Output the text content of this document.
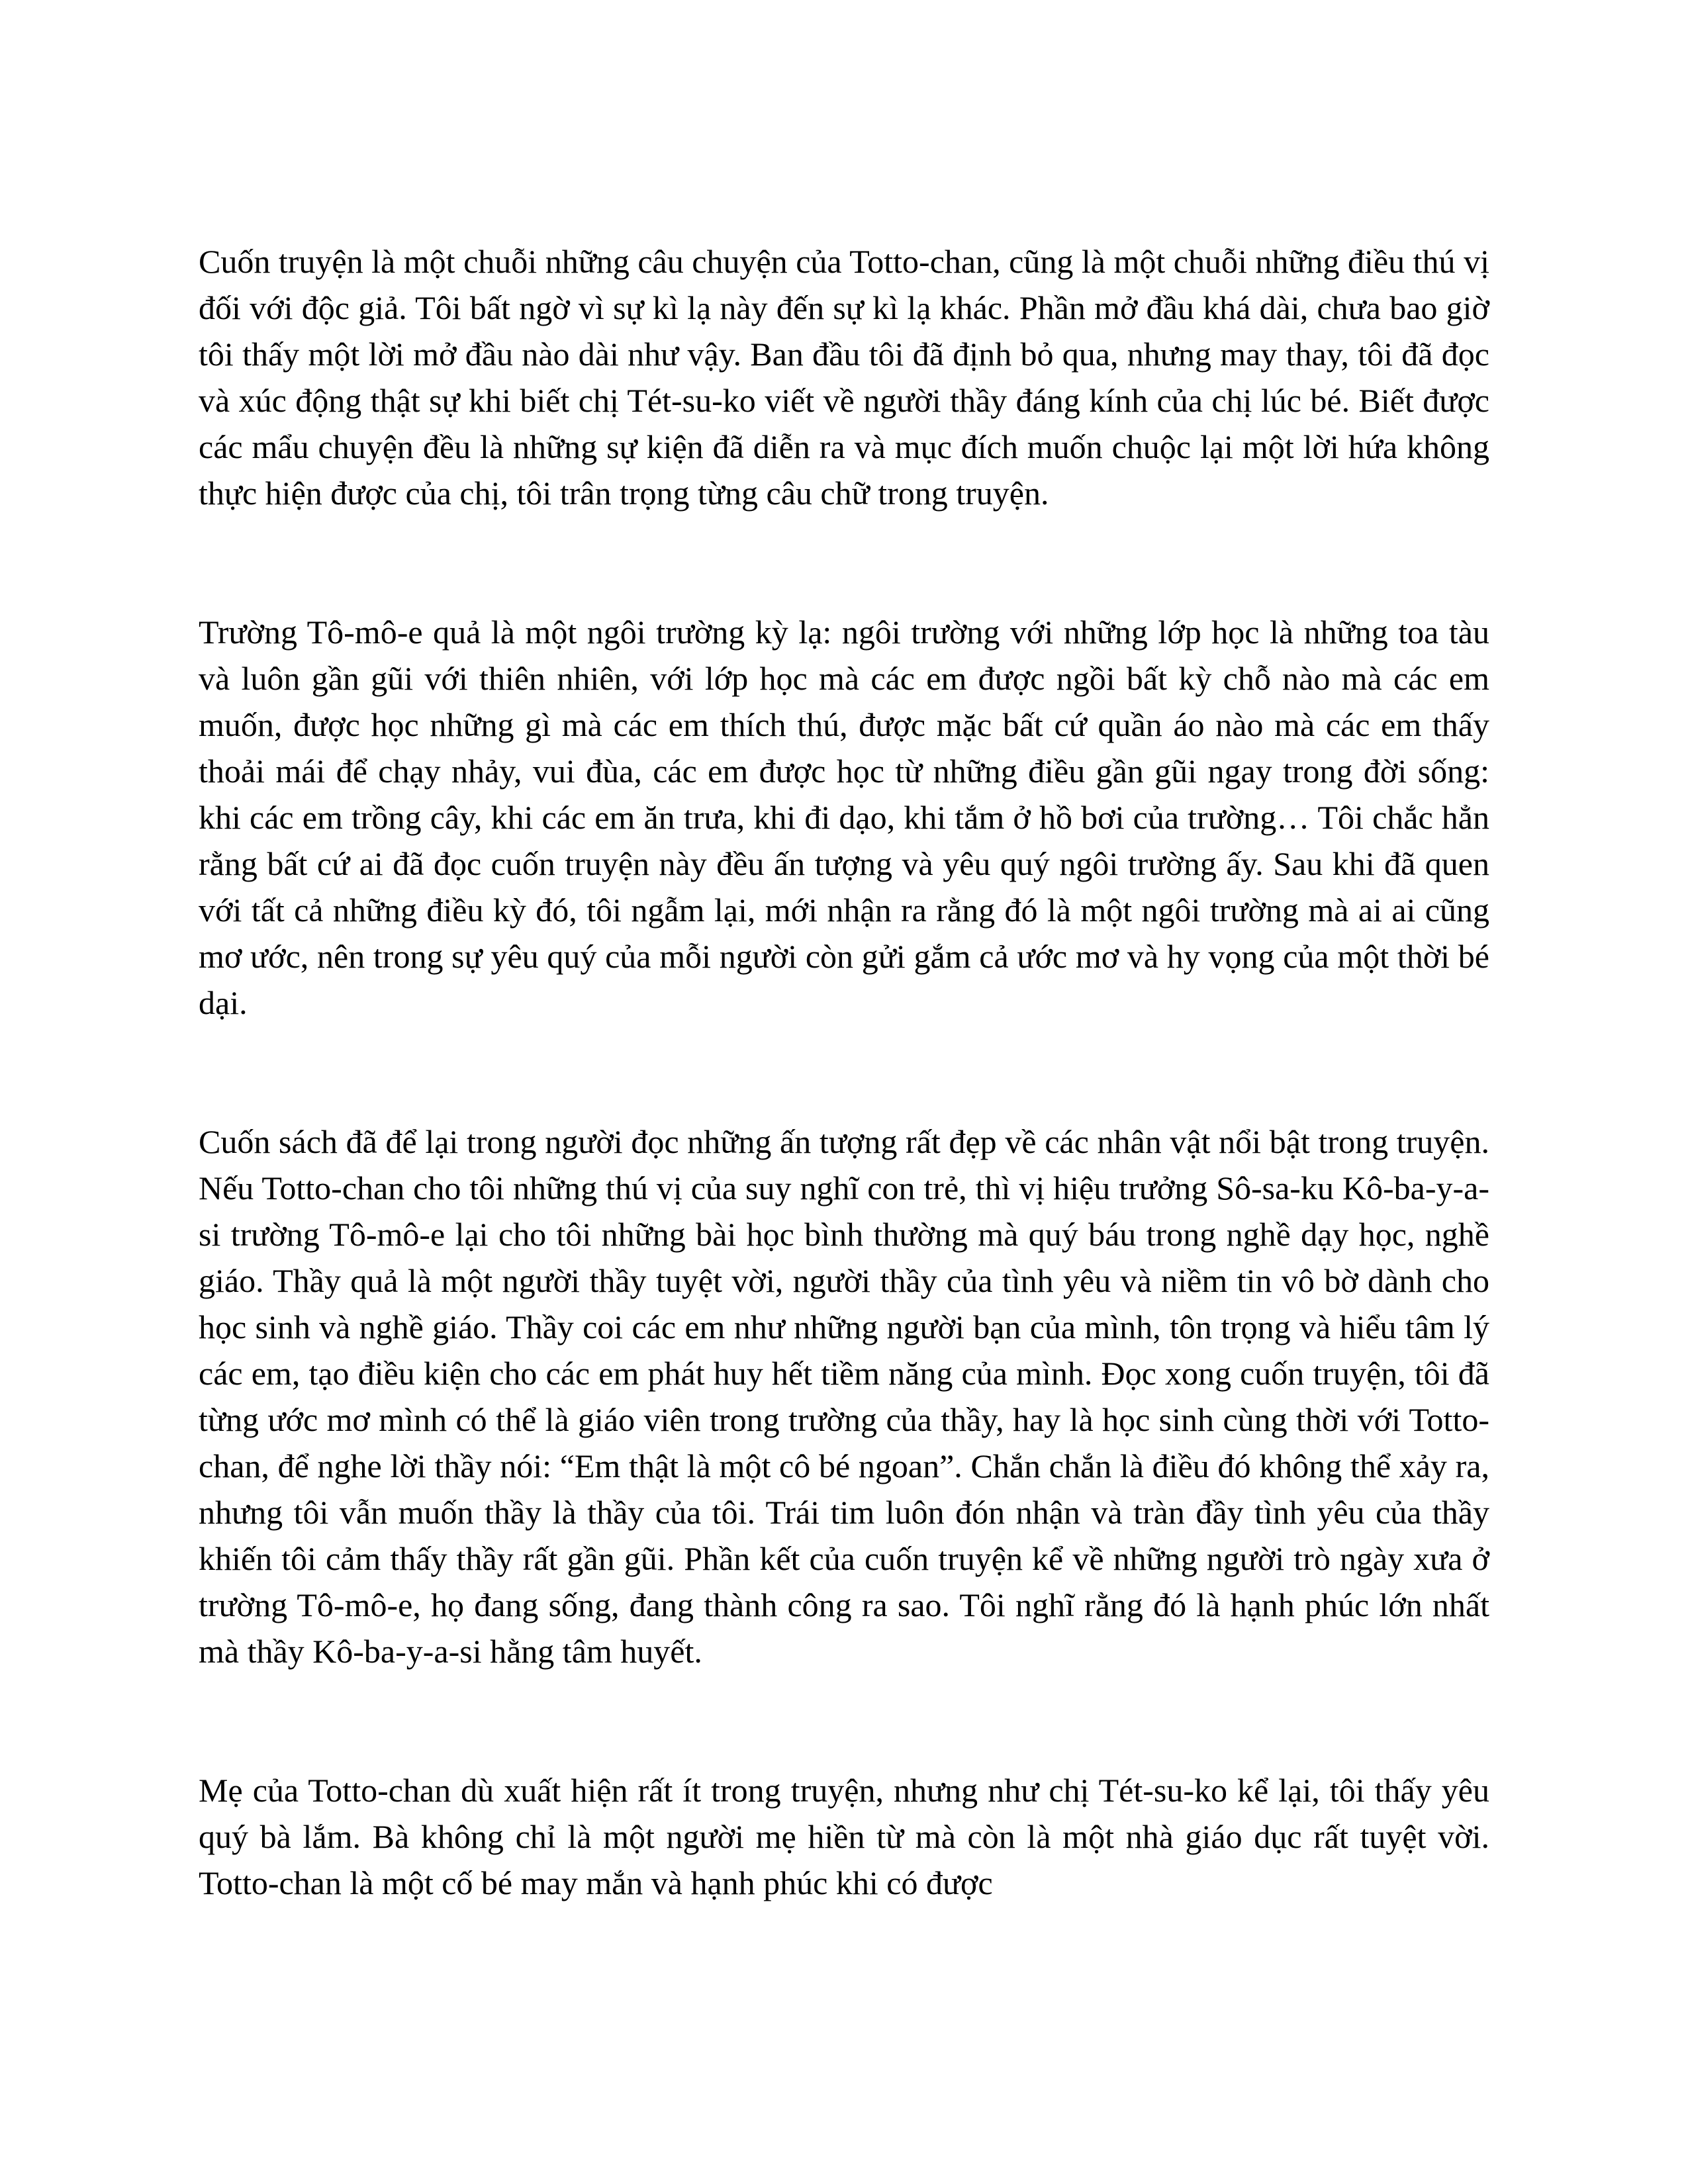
Cuốn truyện là một chuỗi những câu chuyện của Totto-chan, cũng là một chuỗi những điều thú vị đối với độc giả. Tôi bất ngờ vì sự kì lạ này đến sự kì lạ khác. Phần mở đầu khá dài, chưa bao giờ tôi thấy một lời mở đầu nào dài như vậy. Ban đầu tôi đã định bỏ qua, nhưng may thay, tôi đã đọc và xúc động thật sự khi biết chị Tét-su-ko viết về người thầy đáng kính của chị lúc bé. Biết được các mẩu chuyện đều là những sự kiện đã diễn ra và mục đích muốn chuộc lại một lời hứa không thực hiện được của chị, tôi trân trọng từng câu chữ trong truyện.

Trường Tô-mô-e quả là một ngôi trường kỳ lạ: ngôi trường với những lớp học là những toa tàu và luôn gần gũi với thiên nhiên, với lớp học mà các em được ngồi bất kỳ chỗ nào mà các em muốn, được học những gì mà các em thích thú, được mặc bất cứ quần áo nào mà các em thấy thoải mái để chạy nhảy, vui đùa, các em được học từ những điều gần gũi ngay trong đời sống: khi các em trồng cây, khi các em ăn trưa, khi đi dạo, khi tắm ở hồ bơi của trường… Tôi chắc hẳn rằng bất cứ ai đã đọc cuốn truyện này đều ấn tượng và yêu quý ngôi trường ấy. Sau khi đã quen với tất cả những điều kỳ đó, tôi ngẫm lại, mới nhận ra rằng đó là một ngôi trường mà ai ai cũng mơ ước, nên trong sự yêu quý của mỗi người còn gửi gắm cả ước mơ và hy vọng của một thời bé dại.

Cuốn sách đã để lại trong người đọc những ấn tượng rất đẹp về các nhân vật nổi bật trong truyện. Nếu Totto-chan cho tôi những thú vị của suy nghĩ con trẻ, thì vị hiệu trưởng Sô-sa-ku Kô-ba-y-a-si trường Tô-mô-e lại cho tôi những bài học bình thường mà quý báu trong nghề dạy học, nghề giáo. Thầy quả là một người thầy tuyệt vời, người thầy của tình yêu và niềm tin vô bờ dành cho học sinh và nghề giáo. Thầy coi các em như những người bạn của mình, tôn trọng và hiểu tâm lý các em, tạo điều kiện cho các em phát huy hết tiềm năng của mình. Đọc xong cuốn truyện, tôi đã từng ước mơ mình có thể là giáo viên trong trường của thầy, hay là học sinh cùng thời với Totto-chan, để nghe lời thầy nói: “Em thật là một cô bé ngoan”. Chắn chắn là điều đó không thể xảy ra, nhưng tôi vẫn muốn thầy là thầy của tôi. Trái tim luôn đón nhận và tràn đầy tình yêu của thầy khiến tôi cảm thấy thầy rất gần gũi. Phần kết của cuốn truyện kể về những người trò ngày xưa ở trường Tô-mô-e, họ đang sống, đang thành công ra sao. Tôi nghĩ rằng đó là hạnh phúc lớn nhất mà thầy Kô-ba-y-a-si hằng tâm huyết.

Mẹ của Totto-chan dù xuất hiện rất ít trong truyện, nhưng như chị Tét-su-ko kể lại, tôi thấy yêu quý bà lắm. Bà không chỉ là một người mẹ hiền từ mà còn là một nhà giáo dục rất tuyệt vời. Totto-chan là một cố bé may mắn và hạnh phúc khi có được
